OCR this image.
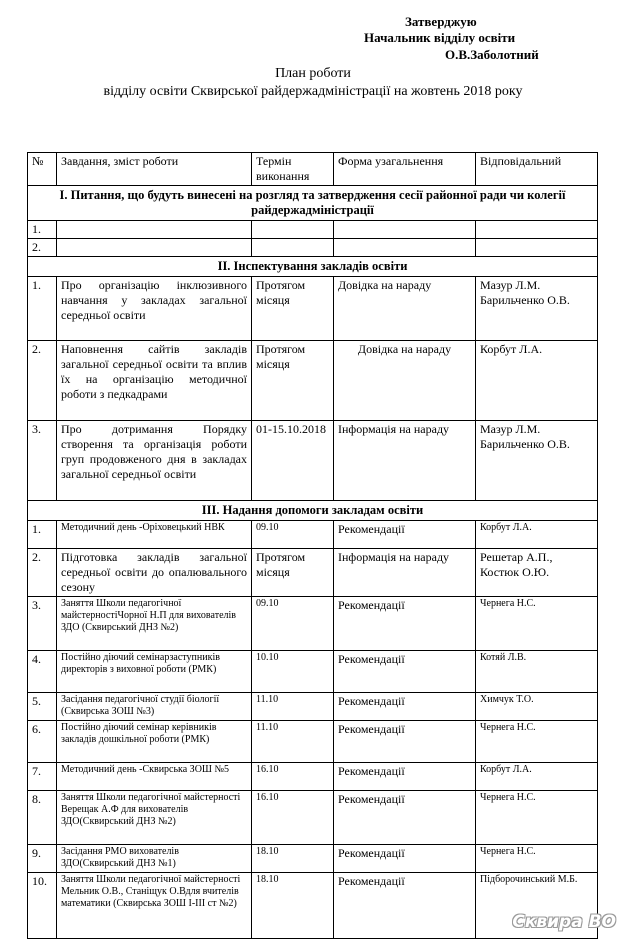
Затверджую
Начальник відділу освіти
О.В.Заболотний
План роботи
відділу освіти Сквирської райдержадміністрації на жовтень 2018 року
№	Завдання, зміст роботи	Термін виконання	Форма узагальнення	Відповідальний
І. Питання, що будуть винесені на розгляд та затвердження сесії районної ради чи колегії райдержадміністрації				
1.				
2.				
ІІ. Інспектування закладів освіти				
1.	Про організацію інклюзивного навчання у закладах загальної середньої освіти	Протягом місяця	Довідка на нараду	Мазур Л.М. Барильченко О.В.
2.	Наповнення сайтів закладів загальної середньої освіти та вплив їх на організацію методичної роботи з педкадрами	Протягом місяця	Довідка на нараду	Корбут Л.А.
3.	Про дотримання Порядку створення та організація роботи груп продовженого дня в закладах загальної середньої освіти	01-15.10.2018	Інформація на нараду	Мазур Л.М. Барильченко О.В.
ІІІ. Надання допомоги закладам освіти				
1.	Методичний день -Оріховецький НВК	09.10	Рекомендації	Корбут Л.А.
2.	Підготовка закладів загальної середньої освіти до опалювального сезону	Протягом місяця	Інформація на нараду	Решетар А.П., Костюк О.Ю.
3.	Заняття Школи педагогічної майстерностіЧорної Н.П для вихователів ЗДО (Сквирський ДНЗ №2)	09.10	Рекомендації	Чернега Н.С.
4.	Постійно діючий семінарзаступників директорів з виховної роботи (РМК)	10.10	Рекомендації	Котяй Л.В.
5.	Засідання педагогічної студії біології (Сквирська ЗОШ №3)	11.10	Рекомендації	Химчук Т.О.
6.	Постійно діючий семінар керівників закладів дошкільної роботи (РМК)	11.10	Рекомендації	Чернега Н.С.
7.	Методичний день -Сквирська ЗОШ №5	16.10	Рекомендації	Корбут Л.А.
8.	Заняття Школи педагогічної майстерності Верещак А.Ф для вихователів ЗДО(Сквирський ДНЗ №2)	16.10	Рекомендації	Чернега Н.С.
9.	Засідання РМО вихователів ЗДО(Сквирський ДНЗ №1)	18.10	Рекомендації	Чернега Н.С.
10.	Заняття Школи педагогічної майстерності Мельник О.В., Станіщук О.Вдля вчителів математики (Сквирська ЗОШ І-ІІІ ст №2)	18.10	Рекомендації	Підборочинський М.Б.
Сквира ВО
